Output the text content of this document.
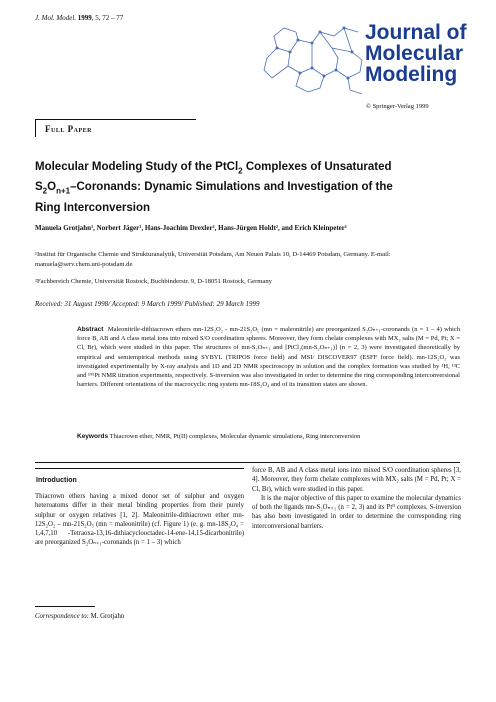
J. Mol. Model. 1999, 5, 72 – 77
Journal of
Molecular
Modeling
© Springer-Verlag 1999
Full Paper
Molecular Modeling Study of the PtCl$_2$ Complexes of Unsaturated
$S_2O_{n+1}$–Coronands: Dynamic Simulations and Investigation of the
Ring Interconversion
Manuela Grotjahn¹, Norbert Jäger¹, Hans-Joachim Drexler², Hans-Jürgen Holdt², and Erich Kleinpeter¹
¹Institut für Organische Chemie und Strukturanalytik, Universität Potsdam, Am Neuen Palais 10, D-14469 Potsdam, Germany. E-mail: manuela@serv.chem.uni-potsdam.de
²Fachbereich Chemie, Universität Rostock, Buchbinderstr. 9, D-18051 Rostock, Germany
Received: 31 August 1998/ Accepted: 9 March 1999/ Published: 29 March 1999
Abstract Maleonitrile-dithiacrown ethers mn-12S₂O₂ - mn-21S₂O₅ (mn = maleonitrile) are preorganized S₂Oₙ₊₁-coronands (n = 1 – 4) which force B, AB and A class metal ions into mixed S/O coordination spheres. Moreover, they form chelate complexes with MX₂ salts (M = Pd, Pt; X = Cl, Br), which were studied in this paper. The structures of mn-S₂Oₙ₊₁ and [PtCl₂(mn-S₂Oₙ₊₁)] (n = 2, 3) were investigated theoretically by empirical and semiempirical methods using SYBYL (TRIPOS force field) and MSI/ DISCOVER97 (ESFF force field). mn-12S₂O₂ was investigated experimentally by X-ray analysis and 1D and 2D NMR spectroscopy in solution and the complex formation was studied by ¹H, ¹³C and ¹⁹⁵Pt NMR titration experiments, respectively. S-inversion was also investigated in order to determine the ring corresponding interconversional barriers. Different orientations of the macrocyclic ring system mn-18S₂O₄ and of its transition states are shown.
Keywords Thiacrown ether, NMR, Pt(II) complexes, Molecular dynamic simulations, Ring interconversion
Introduction

Thiacrown ethers having a mixed donor set of sulphur and oxygen heteroatoms differ in their metal binding properties from their purely sulphur or oxygen relatives [1, 2]. Maleonitrile-dithiacrown ether mn-12S₂O₂ – mn-21S₂O₅ (mn = maleonitrile) (cf. Figure 1) (e. g. mn-18S₂O₄ = 1,4,7,10 -Tetraoxa-13,16-dithiacyclooctadec-14-ene-14,15-dicarbonitrile) are preorganized S₂Oₙ₊₁-coronands (n = 1 – 3) which

force B, AB and A class metal ions into mixed S/O coordination spheres [3, 4]. Moreover, they form chelate complexes with MX₂ salts (M = Pd, Pt; X = Cl, Br), which were studied in this paper.

It is the major objective of this paper to examine the molecular dynamics of both the ligands mn-S₂Oₙ₊₁ (n = 2, 3) and its Ptᴵᴵ complexes. S-inversion has also been investigated in order to determine the corresponding ring interconversional barriers.

Correspondence to: M. Grotjahn
